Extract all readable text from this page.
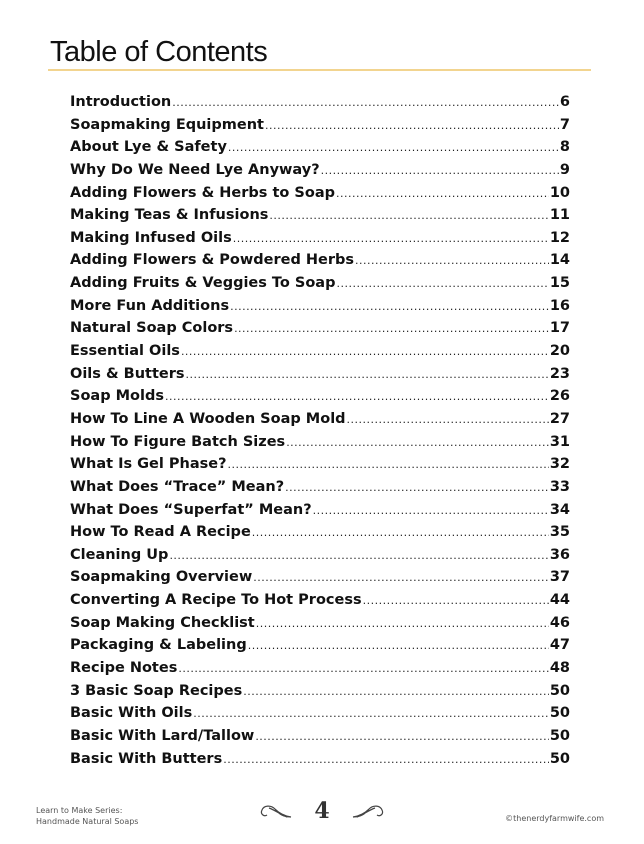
Table of Contents
Introduction .....	6
Soapmaking Equipment .....	7
About Lye & Safety .....	8
Why Do We Need Lye Anyway? .....	9
Adding Flowers & Herbs to Soap .....	10
Making Teas & Infusions .....	11
Making Infused Oils .....	12
Adding Flowers & Powdered Herbs .....	14
Adding Fruits & Veggies To Soap .....	15
More Fun Additions .....	16
Natural Soap Colors .....	17
Essential Oils .....	20
Oils & Butters .....	23
Soap Molds .....	26
How To Line A Wooden Soap Mold .....	27
How To Figure Batch Sizes .....	31
What Is Gel Phase? .....	32
What Does “Trace” Mean? .....	33
What Does “Superfat” Mean? .....	34
How To Read A Recipe .....	35
Cleaning Up .....	36
Soapmaking Overview .....	37
Converting A Recipe To Hot Process .....	44
Soap Making Checklist .....	46
Packaging & Labeling .....	47
Recipe Notes .....	48
3 Basic Soap Recipes .....	50
Basic With Oils .....	50
Basic With Lard/Tallow .....	50
Basic With Butters .....	50
Learn to Make Series:
Handmade Natural Soaps	4	©thenerdyfarmwife.com
